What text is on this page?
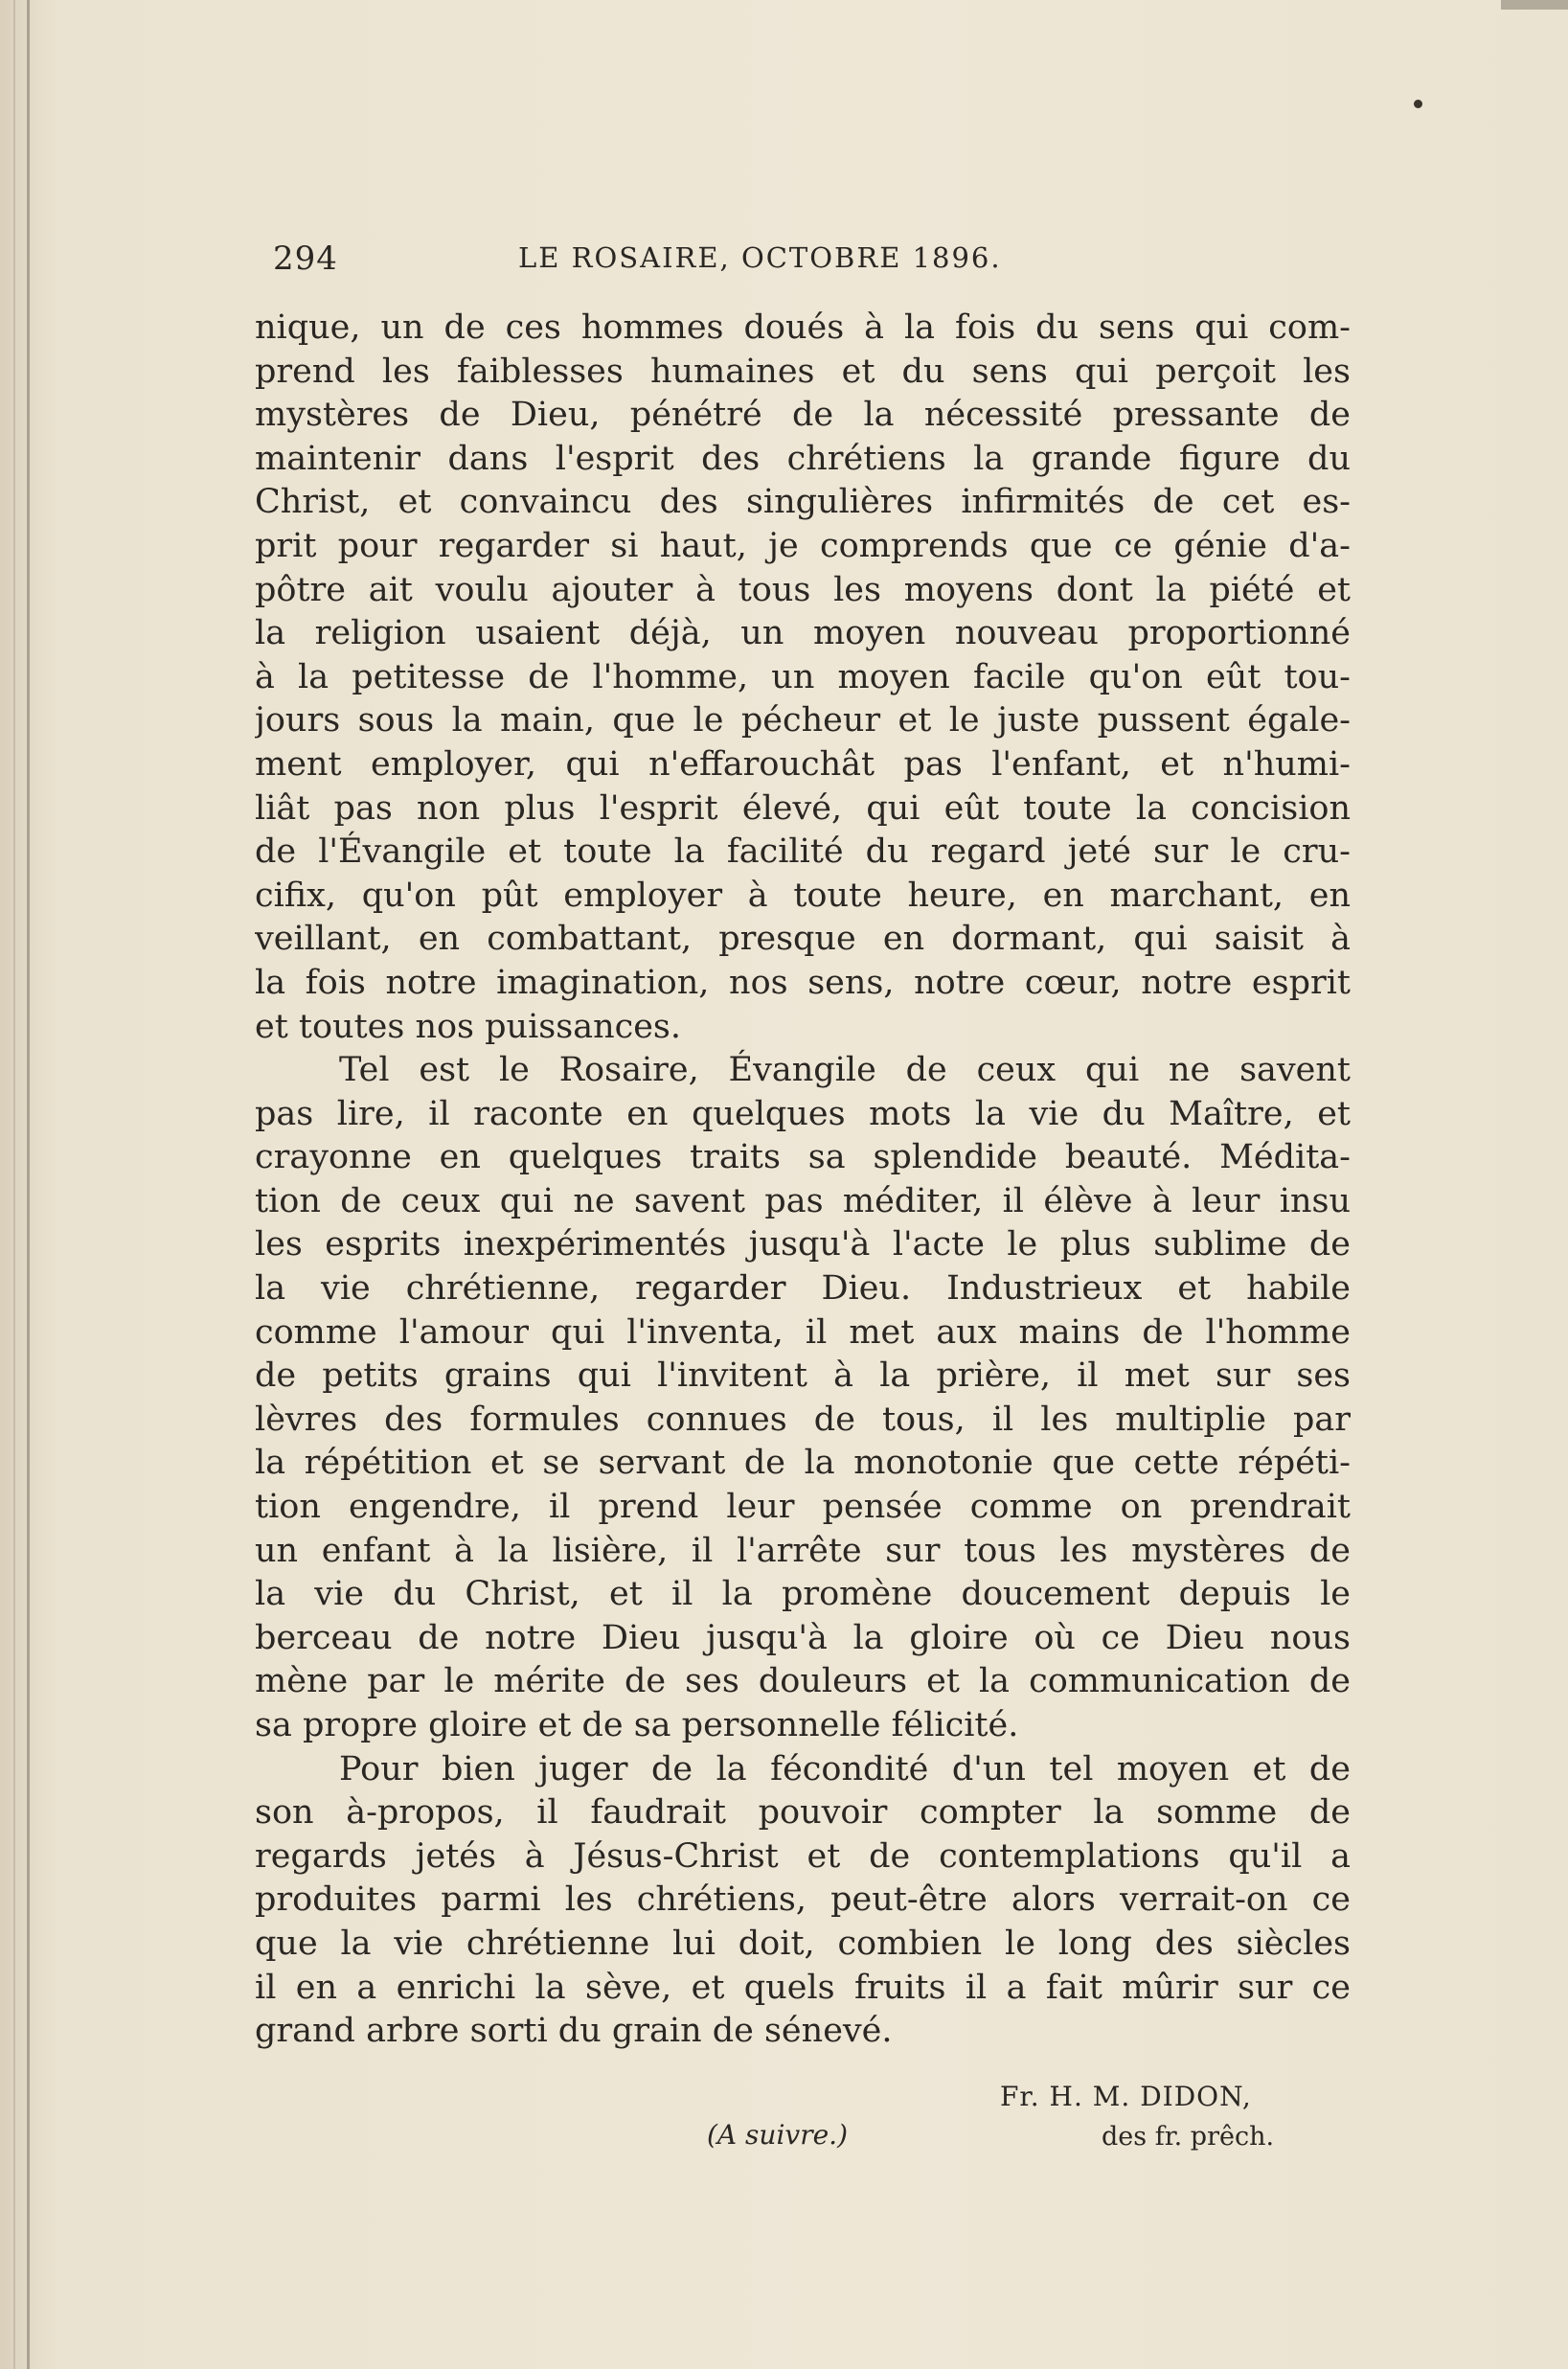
294	LE ROSAIRE, OCTOBRE 1896.
nique, un de ces hommes doués à la fois du sens qui com-
prend les faiblesses humaines et du sens qui perçoit les
mystères de Dieu, pénétré de la nécessité pressante de
maintenir dans l'esprit des chrétiens la grande figure du
Christ, et convaincu des singulières infirmités de cet es-
prit pour regarder si haut, je comprends que ce génie d'a-
pôtre ait voulu ajouter à tous les moyens dont la piété et
la religion usaient déjà, un moyen nouveau proportionné
à la petitesse de l'homme, un moyen facile qu'on eût tou-
jours sous la main, que le pécheur et le juste pussent égale-
ment employer, qui n'effarouchât pas l'enfant, et n'humi-
liât pas non plus l'esprit élevé, qui eût toute la concision
de l'Évangile et toute la facilité du regard jeté sur le cru-
cifix, qu'on pût employer à toute heure, en marchant, en
veillant, en combattant, presque en dormant, qui saisit à
la fois notre imagination, nos sens, notre cœur, notre esprit
et toutes nos puissances.
Tel est le Rosaire, Évangile de ceux qui ne savent
pas lire, il raconte en quelques mots la vie du Maître, et
crayonne en quelques traits sa splendide beauté. Médita-
tion de ceux qui ne savent pas méditer, il élève à leur insu
les esprits inexpérimentés jusqu'à l'acte le plus sublime de
la vie chrétienne, regarder Dieu. Industrieux et habile
comme l'amour qui l'inventa, il met aux mains de l'homme
de petits grains qui l'invitent à la prière, il met sur ses
lèvres des formules connues de tous, il les multiplie par
la répétition et se servant de la monotonie que cette répéti-
tion engendre, il prend leur pensée comme on prendrait
un enfant à la lisière, il l'arrête sur tous les mystères de
la vie du Christ, et il la promène doucement depuis le
berceau de notre Dieu jusqu'à la gloire où ce Dieu nous
mène par le mérite de ses douleurs et la communication de
sa propre gloire et de sa personnelle félicité.
Pour bien juger de la fécondité d'un tel moyen et de
son à-propos, il faudrait pouvoir compter la somme de
regards jetés à Jésus-Christ et de contemplations qu'il a
produites parmi les chrétiens, peut-être alors verrait-on ce
que la vie chrétienne lui doit, combien le long des siècles
il en a enrichi la sève, et quels fruits il a fait mûrir sur ce
grand arbre sorti du grain de sénevé.
Fr. H. M. DIDON,
(A suivre.)	des fr. prêch.
